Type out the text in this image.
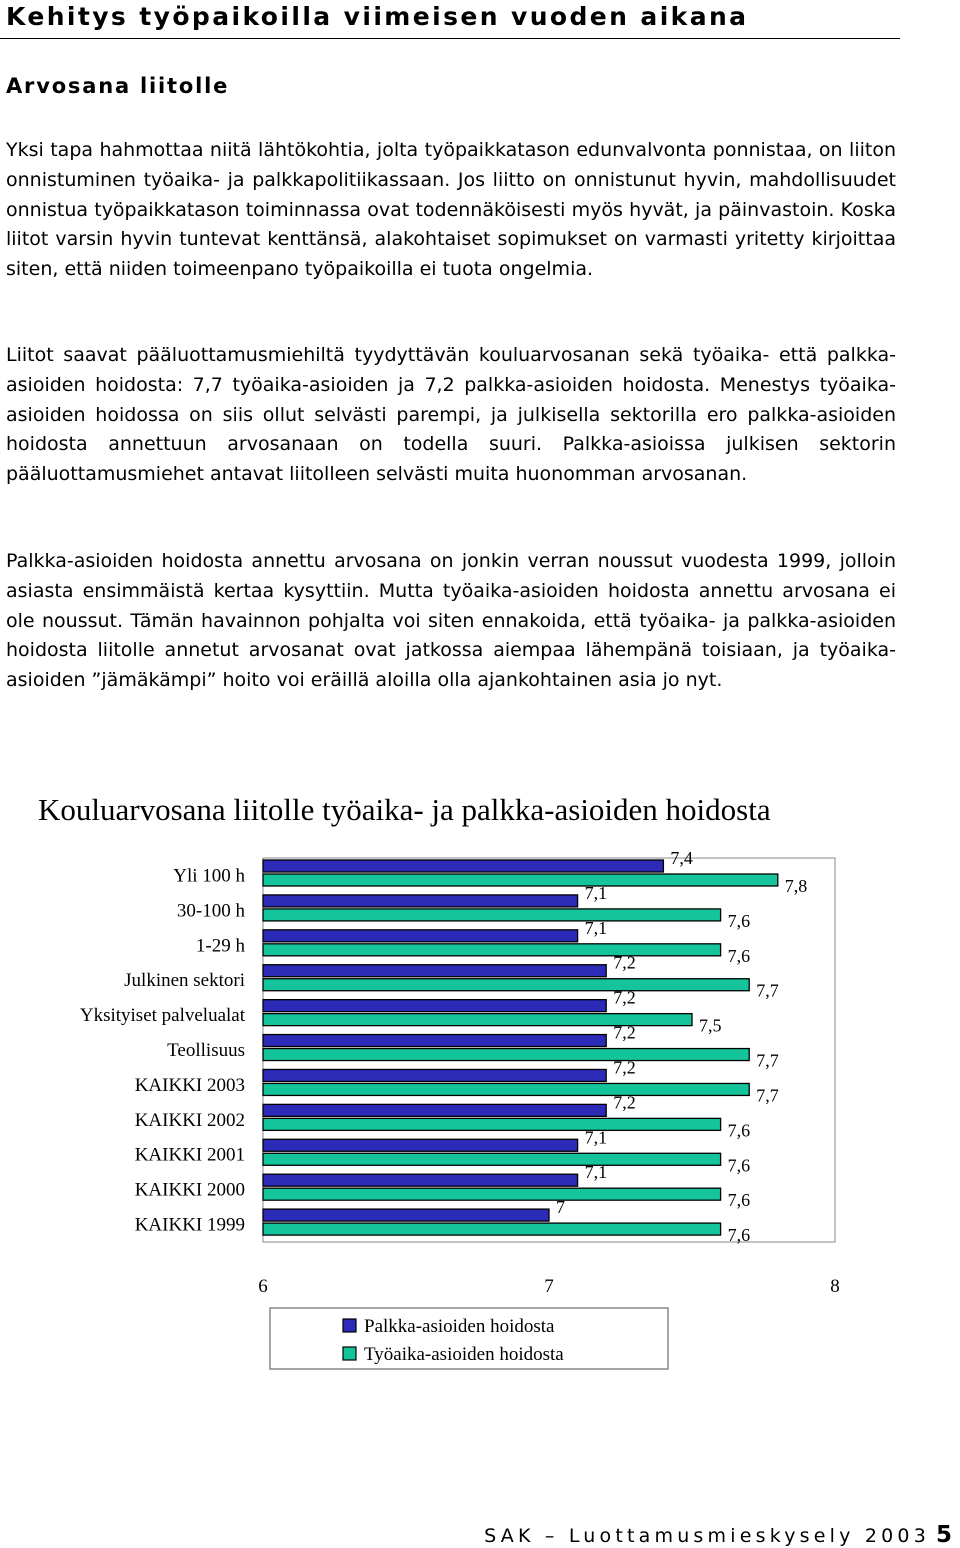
Kehitys työpaikoilla viimeisen vuoden aikana
Arvosana liitolle

Yksi tapa hahmottaa niitä lähtökohtia, jolta työpaikkatason edunvalvonta ponnistaa, on liiton onnistuminen työaika- ja palkkapolitiikassaan. Jos liitto on onnistunut hyvin, mahdollisuudet onnistua työpaikkatason toiminnassa ovat todennäköisesti myös hyvät, ja päinvastoin. Koska liitot varsin hyvin tuntevat kenttänsä, alakohtaiset sopimukset on varmasti yritetty kirjoittaa siten, että niiden toimeenpano työpaikoilla ei tuota ongelmia.

Liitot saavat pääluottamusmiehiltä tyydyttävän kouluarvosanan sekä työaika- että palkka-asioiden hoidosta: 7,7 työaika-asioiden ja 7,2 palkka-asioiden hoidosta. Menestys työaika-asioiden hoidossa on siis ollut selvästi parempi, ja julkisella sektorilla ero palkka-asioiden hoidosta annettuun arvosanaan on todella suuri. Palkka-asioissa julkisen sektorin pääluottamusmiehet antavat liitolleen selvästi muita huonomman arvosanan.

Palkka-asioiden hoidosta annettu arvosana on jonkin verran noussut vuodesta 1999, jolloin asiasta ensimmäistä kertaa kysyttiin. Mutta työaika-asioiden hoidosta annettu arvosana ei ole noussut. Tämän havainnon pohjalta voi siten ennakoida, että työaika- ja palkka-asioiden hoidosta liitolle annetut arvosanat ovat jatkossa aiempaa lähempänä toisiaan, ja työaika-asioiden ”jämäkämpi” hoito voi eräillä aloilla olla ajankohtainen asia jo nyt.

Kouluarvosana liitolle työaika- ja palkka-asioiden hoidosta
Yli 100 h
7,4
7,8
30-100 h
7,1
7,6
1-29 h
7,1
7,6
Julkinen sektori
7,2
7,7
Yksityiset palvelualat
7,2
7,5
Teollisuus
7,2
7,7
KAIKKI 2003
7,2
7,7
KAIKKI 2002
7,2
7,6
KAIKKI 2001
7,1
7,6
KAIKKI 2000
7,1
7,6
KAIKKI 1999
7
7,6
6	7	8
Palkka-asioiden hoidosta
Työaika-asioiden hoidosta
SAK – Luottamusmieskysely 2003 5
